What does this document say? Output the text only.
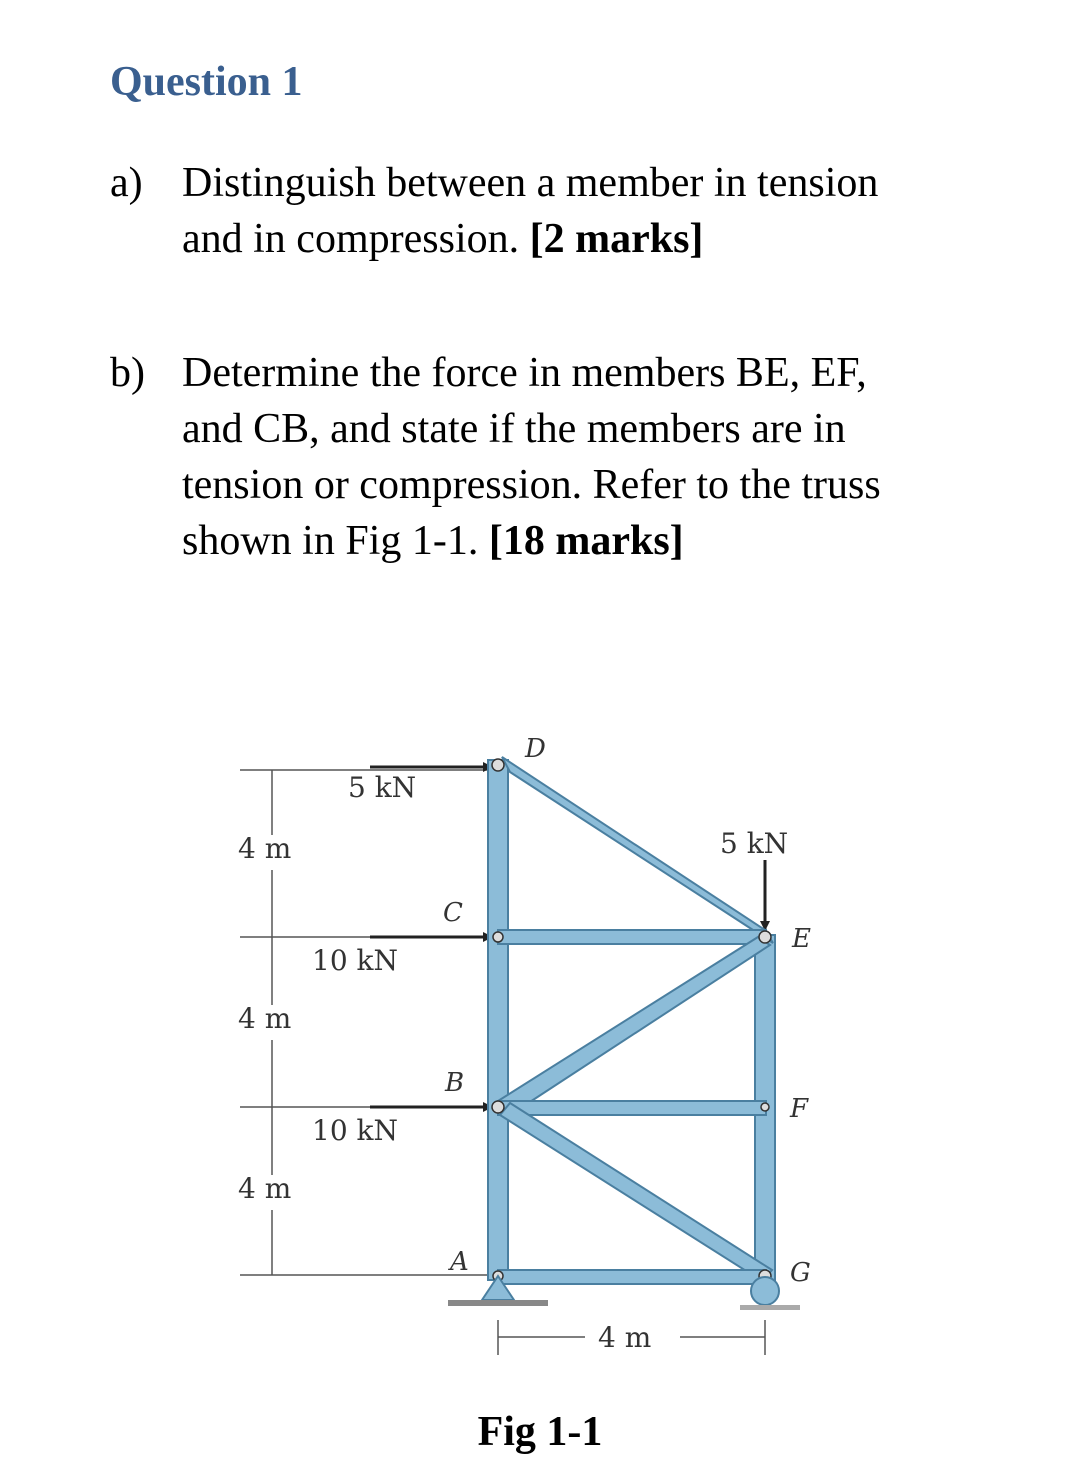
Question 1
a) Distinguish between a member in tension and in compression. [2 marks]
b) Determine the force in members BE, EF, and CB, and state if the members are in tension or compression. Refer to the truss shown in Fig 1-1. [18 marks]
4 m
4 m
4 m
5 kN
10 kN
10 kN
5 kN
D
C
E
B
F
A	G
4 m
Fig 1-1
